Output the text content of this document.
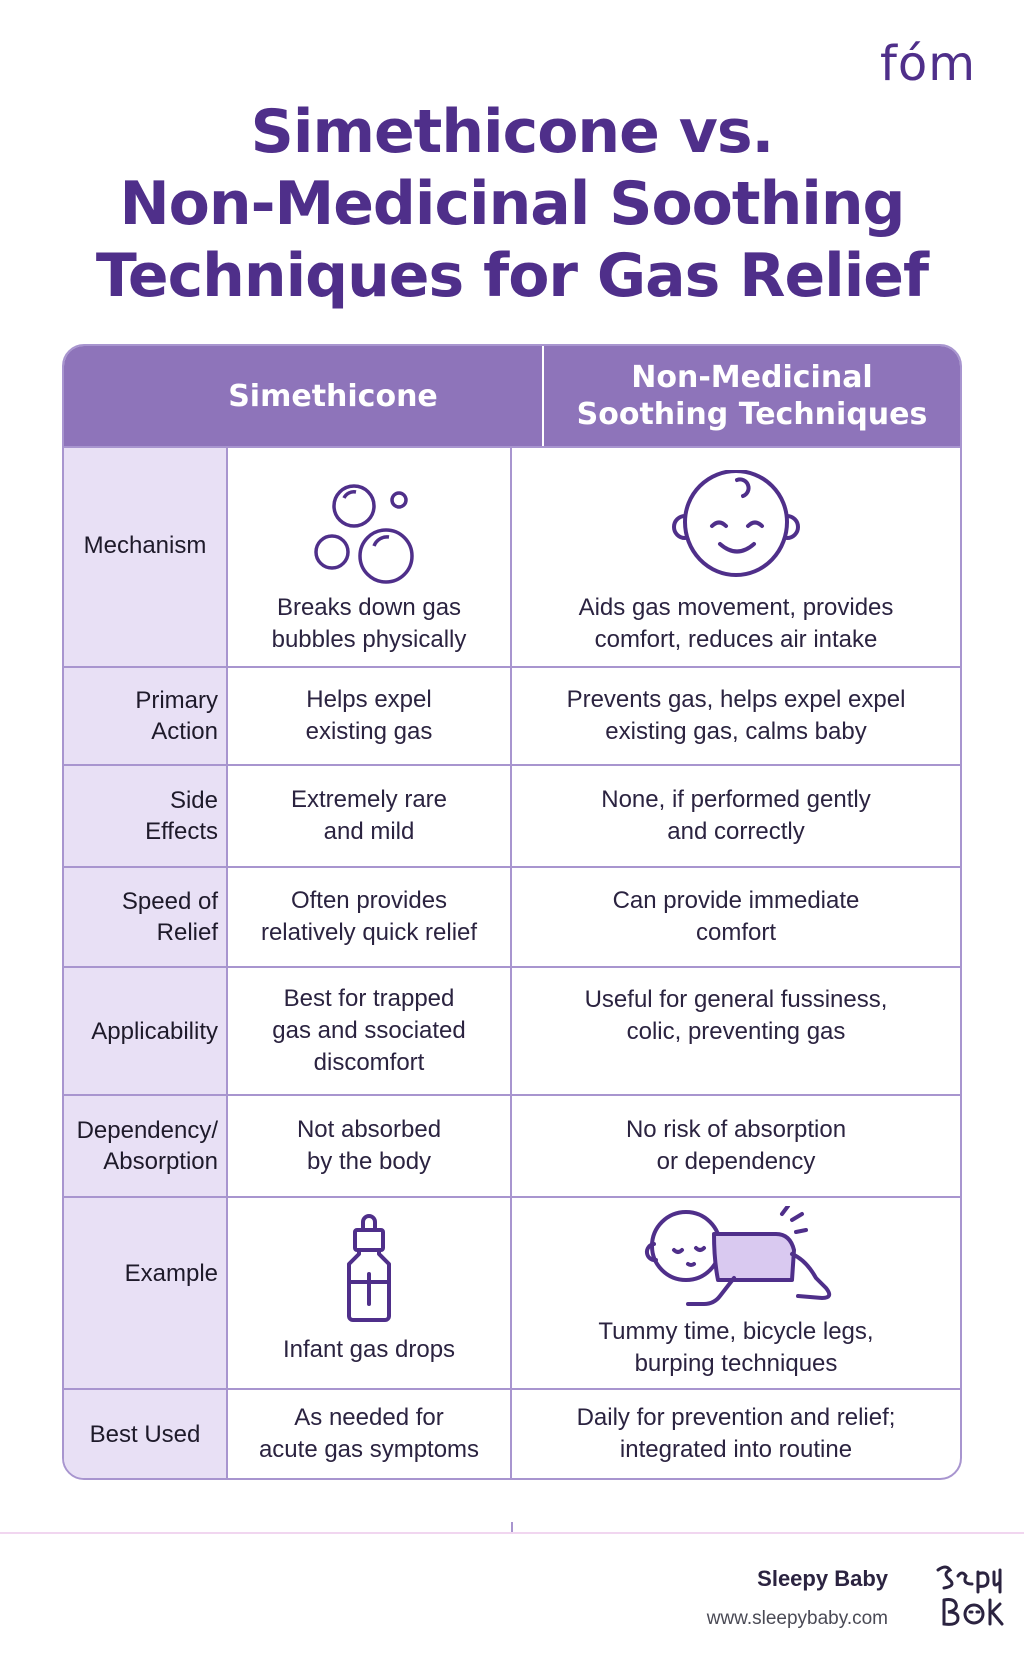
fóm
Simethicone vs.
Non-Medicinal Soothing
Techniques for Gas Relief
Simethicone
Non-Medicinal
Soothing Techniques
Mechanism
Breaks down gas
bubbles physically
Aids gas movement, provides
comfort, reduces air intake
Primary
Action
Helps expel
existing gas
Prevents gas, helps expel expel
existing gas, calms baby
Side
Effects
Extremely rare
and mild
None, if performed gently
and correctly
Speed of
Relief
Often provides
relatively quick relief
Can provide immediate
comfort
Applicability
Best for trapped
gas and ssociated
discomfort
Useful for general fussiness,
colic, preventing gas
Dependency/
Absorption
Not absorbed
by the body
No risk of absorption
or dependency
Example
Infant gas drops
Tummy time, bicycle legs,
burping techniques
Best Used
As needed for
acute gas symptoms
Daily for prevention and relief;
integrated into routine
Sleepy Baby
www.sleepybaby.com
